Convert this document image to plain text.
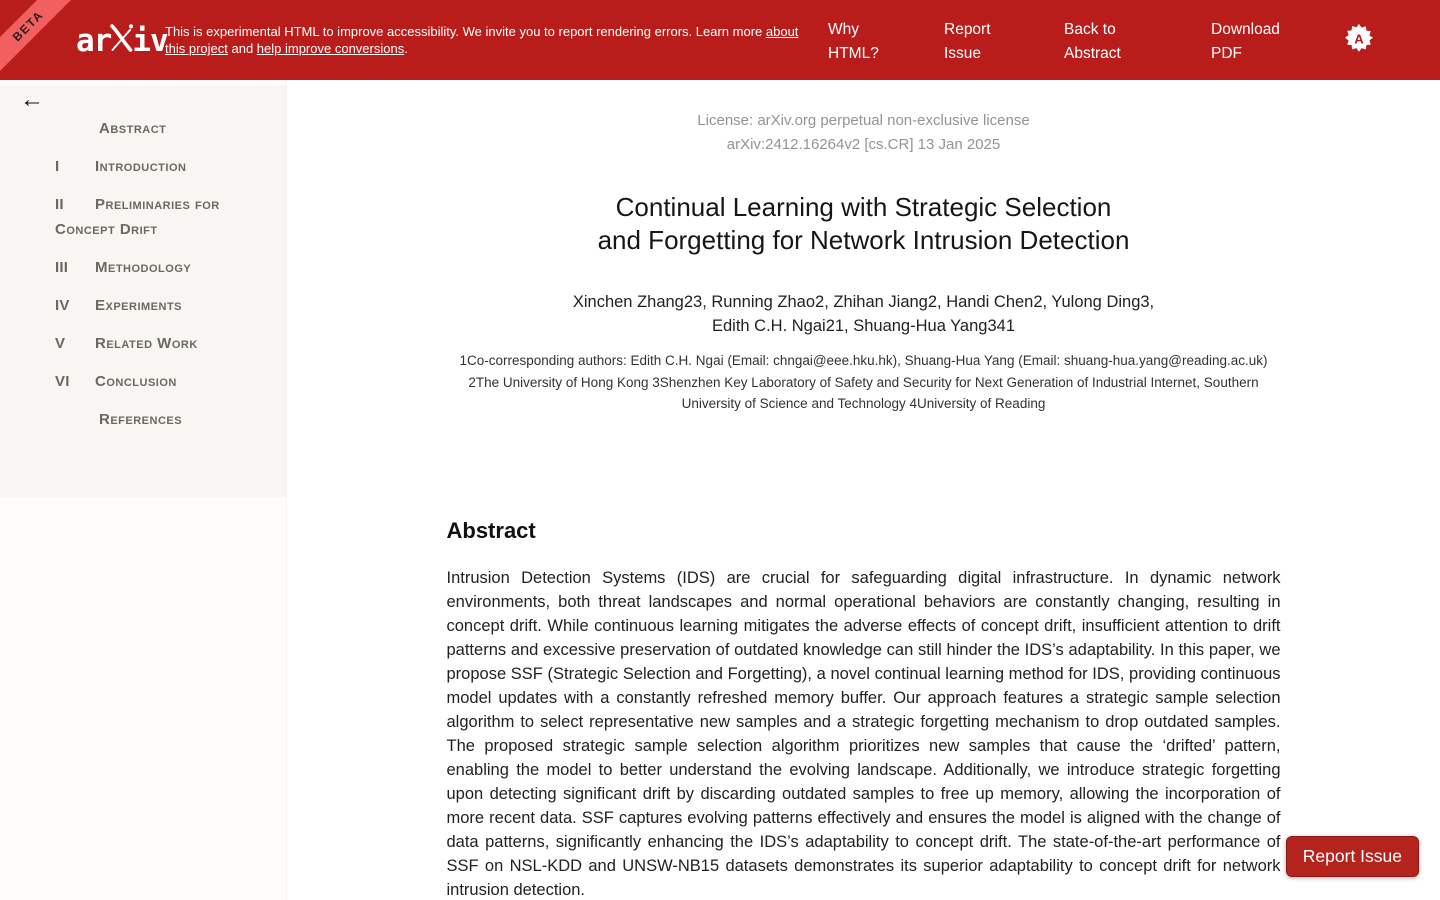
BETA ar iv

This is experimental HTML to improve accessibility. We invite you to report rendering errors. Learn more about this project and help improve conversions.

Why HTML?
Report Issue
Back to Abstract
Download PDF
A
←
Abstract
I Introduction
II Preliminaries for Concept Drift
III Methodology
IV Experiments
V Related Work
VI Conclusion
References
License: arXiv.org perpetual non-exclusive license
arXiv:2412.16264v2 [cs.CR] 13 Jan 2025
Continual Learning with Strategic Selection
and Forgetting for Network Intrusion Detection
Xinchen Zhang23, Running Zhao2, Zhihan Jiang2, Handi Chen2, Yulong Ding3,
Edith C.H. Ngai21, Shuang-Hua Yang341
1Co-corresponding authors: Edith C.H. Ngai (Email: chngai@eee.hku.hk), Shuang-Hua Yang (Email: shuang-hua.yang@reading.ac.uk) 2The University of Hong Kong 3Shenzhen Key Laboratory of Safety and Security for Next Generation of Industrial Internet, Southern University of Science and Technology 4University of Reading
Abstract

Intrusion Detection Systems (IDS) are crucial for safeguarding digital infrastructure. In dynamic network environments, both threat landscapes and normal operational behaviors are constantly changing, resulting in concept drift. While continuous learning mitigates the adverse effects of concept drift, insufficient attention to drift patterns and excessive preservation of outdated knowledge can still hinder the IDS’s adaptability. In this paper, we propose SSF (Strategic Selection and Forgetting), a novel continual learning method for IDS, providing continuous model updates with a constantly refreshed memory buffer. Our approach features a strategic sample selection algorithm to select representative new samples and a strategic forgetting mechanism to drop outdated samples. The proposed strategic sample selection algorithm prioritizes new samples that cause the ‘drifted’ pattern, enabling the model to better understand the evolving landscape. Additionally, we introduce strategic forgetting upon detecting significant drift by discarding outdated samples to free up memory, allowing the incorporation of more recent data. SSF captures evolving patterns effectively and ensures the model is aligned with the change of data patterns, significantly enhancing the IDS’s adaptability to concept drift. The state-of-the-art performance of SSF on NSL-KDD and UNSW-NB15 datasets demonstrates its superior adaptability to concept drift for network intrusion detection.

Report Issue
